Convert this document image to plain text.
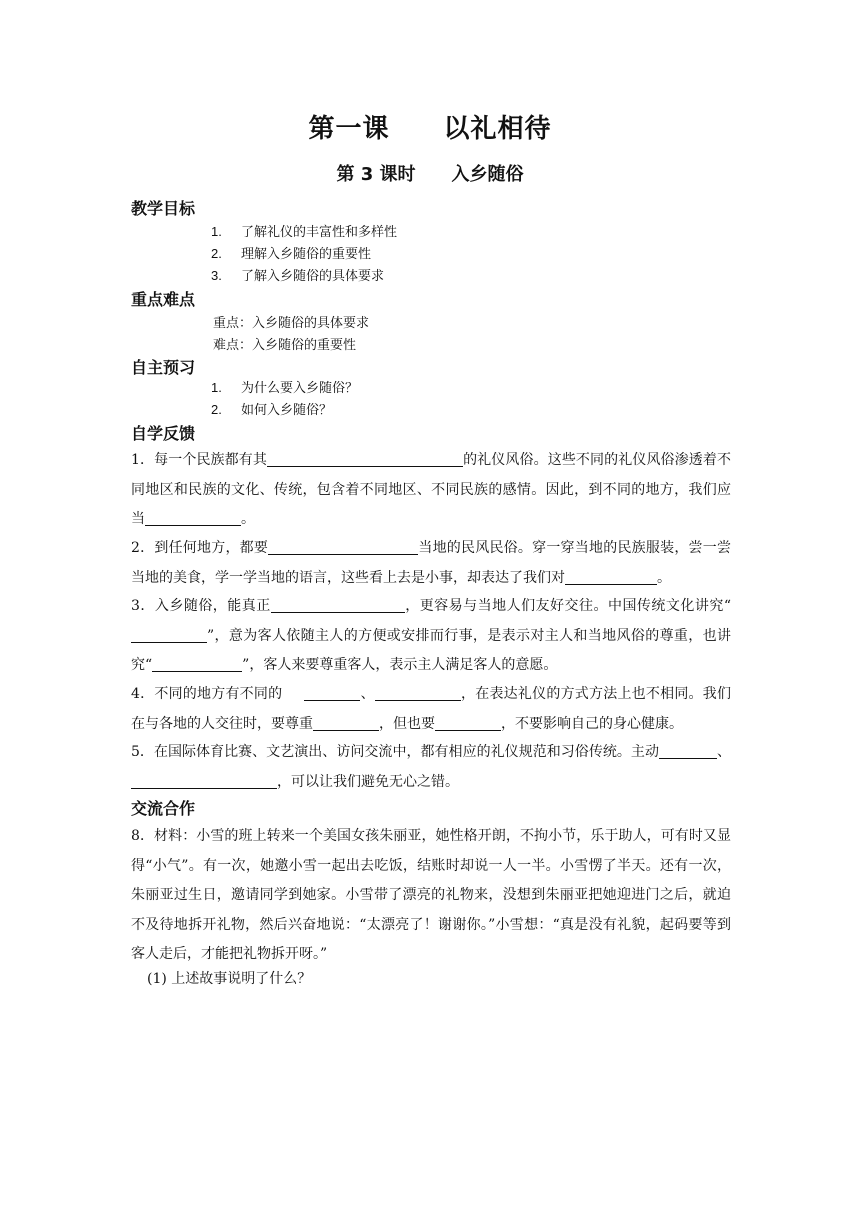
第一课　　以礼相待
第 3 课时　　入乡随俗
教学目标
1. 了解礼仪的丰富性和多样性
2. 理解入乡随俗的重要性
3. 了解入乡随俗的具体要求
重点难点
重点：入乡随俗的具体要求
难点：入乡随俗的重要性
自主预习
1. 为什么要入乡随俗？
2. 如何入乡随俗？
自学反馈
1．每一个民族都有其	的礼仪风俗。这些不同的礼仪风俗渗透着不同地区和民族的文化、传统，包含着不同地区、不同民族的感情。因此，到不同的地方，我们应当	。
2．到任何地方，都要	当地的民风民俗。穿一穿当地的民族服装，尝一尝当地的美食，学一学当地的语言，这些看上去是小事，却表达了我们对	。
3．入乡随俗，能真正	，更容易与当地人们友好交往。中国传统文化讲究“”，意为客人依随主人的方便或安排而行事，是表示对主人和当地风俗的尊重，也讲究“	”，客人来要尊重客人，表示主人满足客人的意愿。
4．不同的地方有不同的	、	，在表达礼仪的方式方法上也不相同。我们在与各地的人交往时，要尊重	，但也要	，不要影响自己的身心健康。
5．在国际体育比赛、文艺演出、访问交流中，都有相应的礼仪规范和习俗传统。主动	、，可以让我们避免无心之错。
交流合作
8．材料：小雪的班上转来一个美国女孩朱丽亚，她性格开朗，不拘小节，乐于助人，可有时又显得“小气”。有一次，她邀小雪一起出去吃饭，结账时却说一人一半。小雪愣了半天。还有一次，朱丽亚过生日，邀请同学到她家。小雪带了漂亮的礼物来，没想到朱丽亚把她迎进门之后，就迫不及待地拆开礼物，然后兴奋地说：“太漂亮了！谢谢你。”小雪想：“真是没有礼貌，起码要等到客人走后，才能把礼物拆开呀。”
(1) 上述故事说明了什么？
